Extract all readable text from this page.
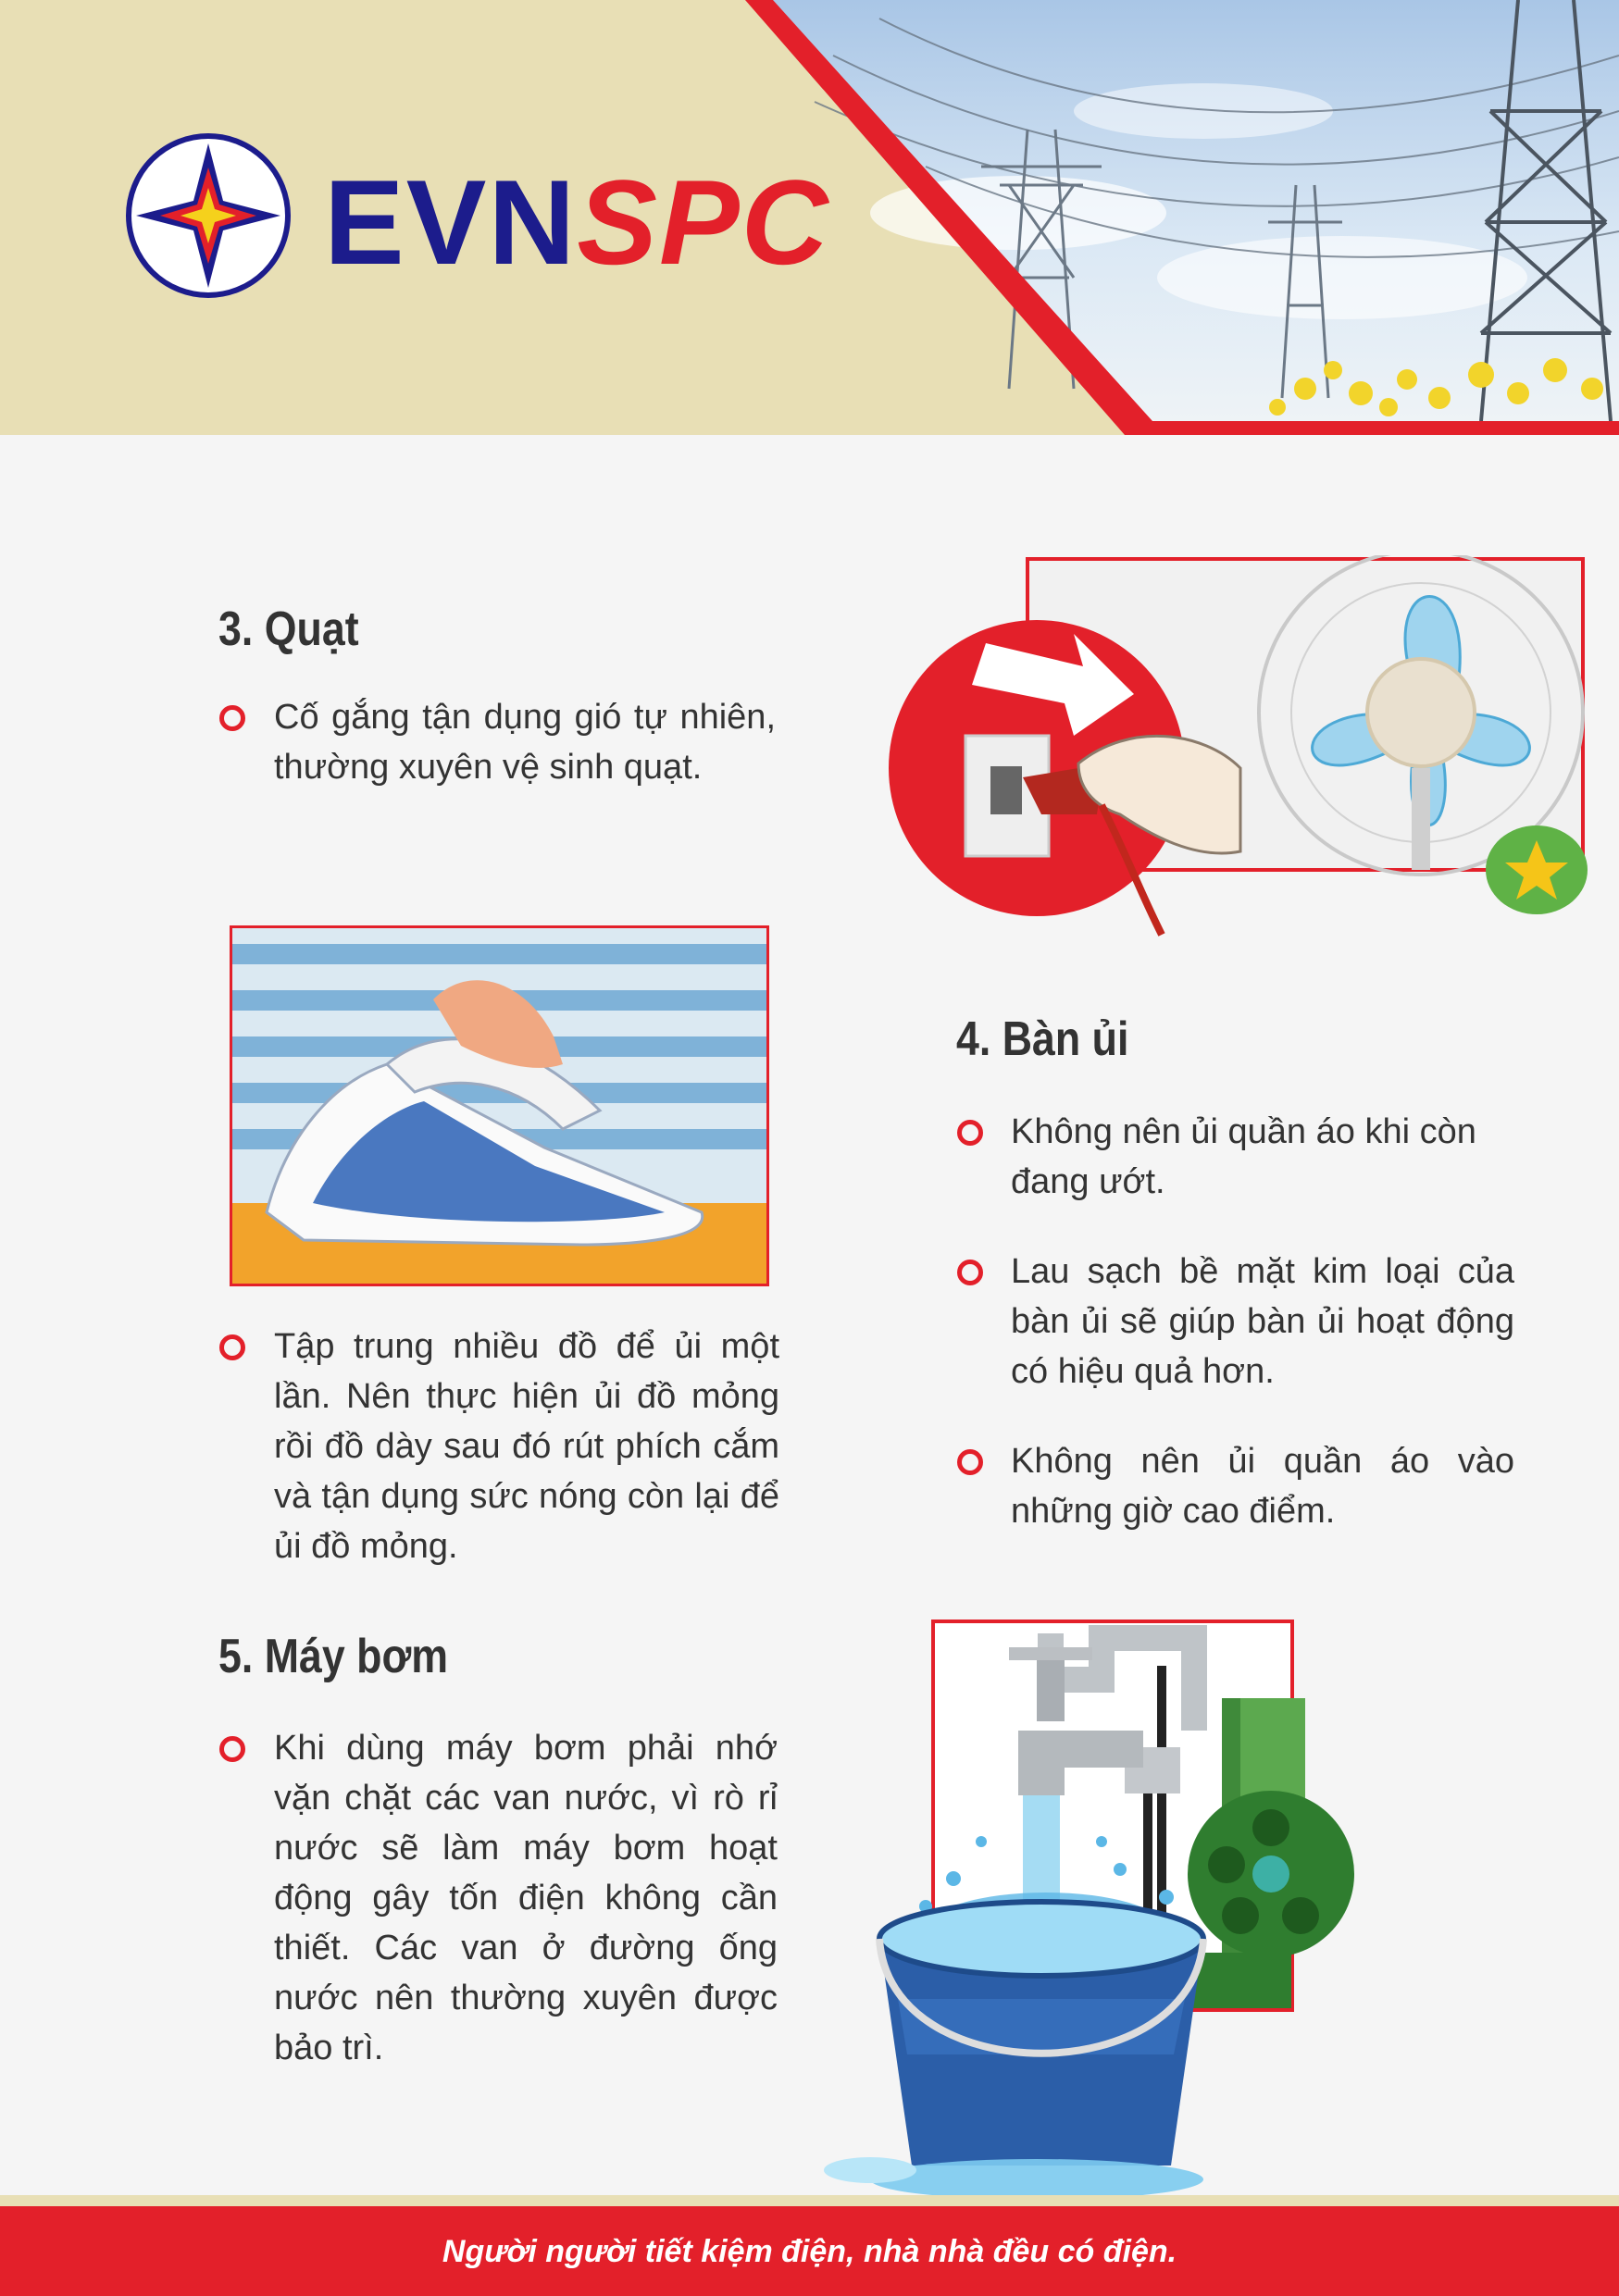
EVNSPC
3. Quạt
Cố gắng tận dụng gió tự nhiên, thường xuyên vệ sinh quạt.
Tập trung nhiều đồ để ủi một lần. Nên thực hiện ủi đồ mỏng rồi đồ dày sau đó rút phích cắm và tận dụng sức nóng còn lại để ủi đồ mỏng.
4. Bàn ủi
Không nên ủi quần áo khi còn đang ướt.
Lau sạch bề mặt kim loại của bàn ủi sẽ giúp bàn ủi hoạt động có hiệu quả hơn.
Không nên ủi quần áo vào những giờ cao điểm.
5. Máy bơm
Khi dùng máy bơm phải nhớ vặn chặt các van nước, vì rò rỉ nước sẽ làm máy bơm hoạt động gây tốn điện không cần thiết. Các van ở đường ống nước nên thường xuyên được bảo trì.
Người người tiết kiệm điện, nhà nhà đều có điện.
